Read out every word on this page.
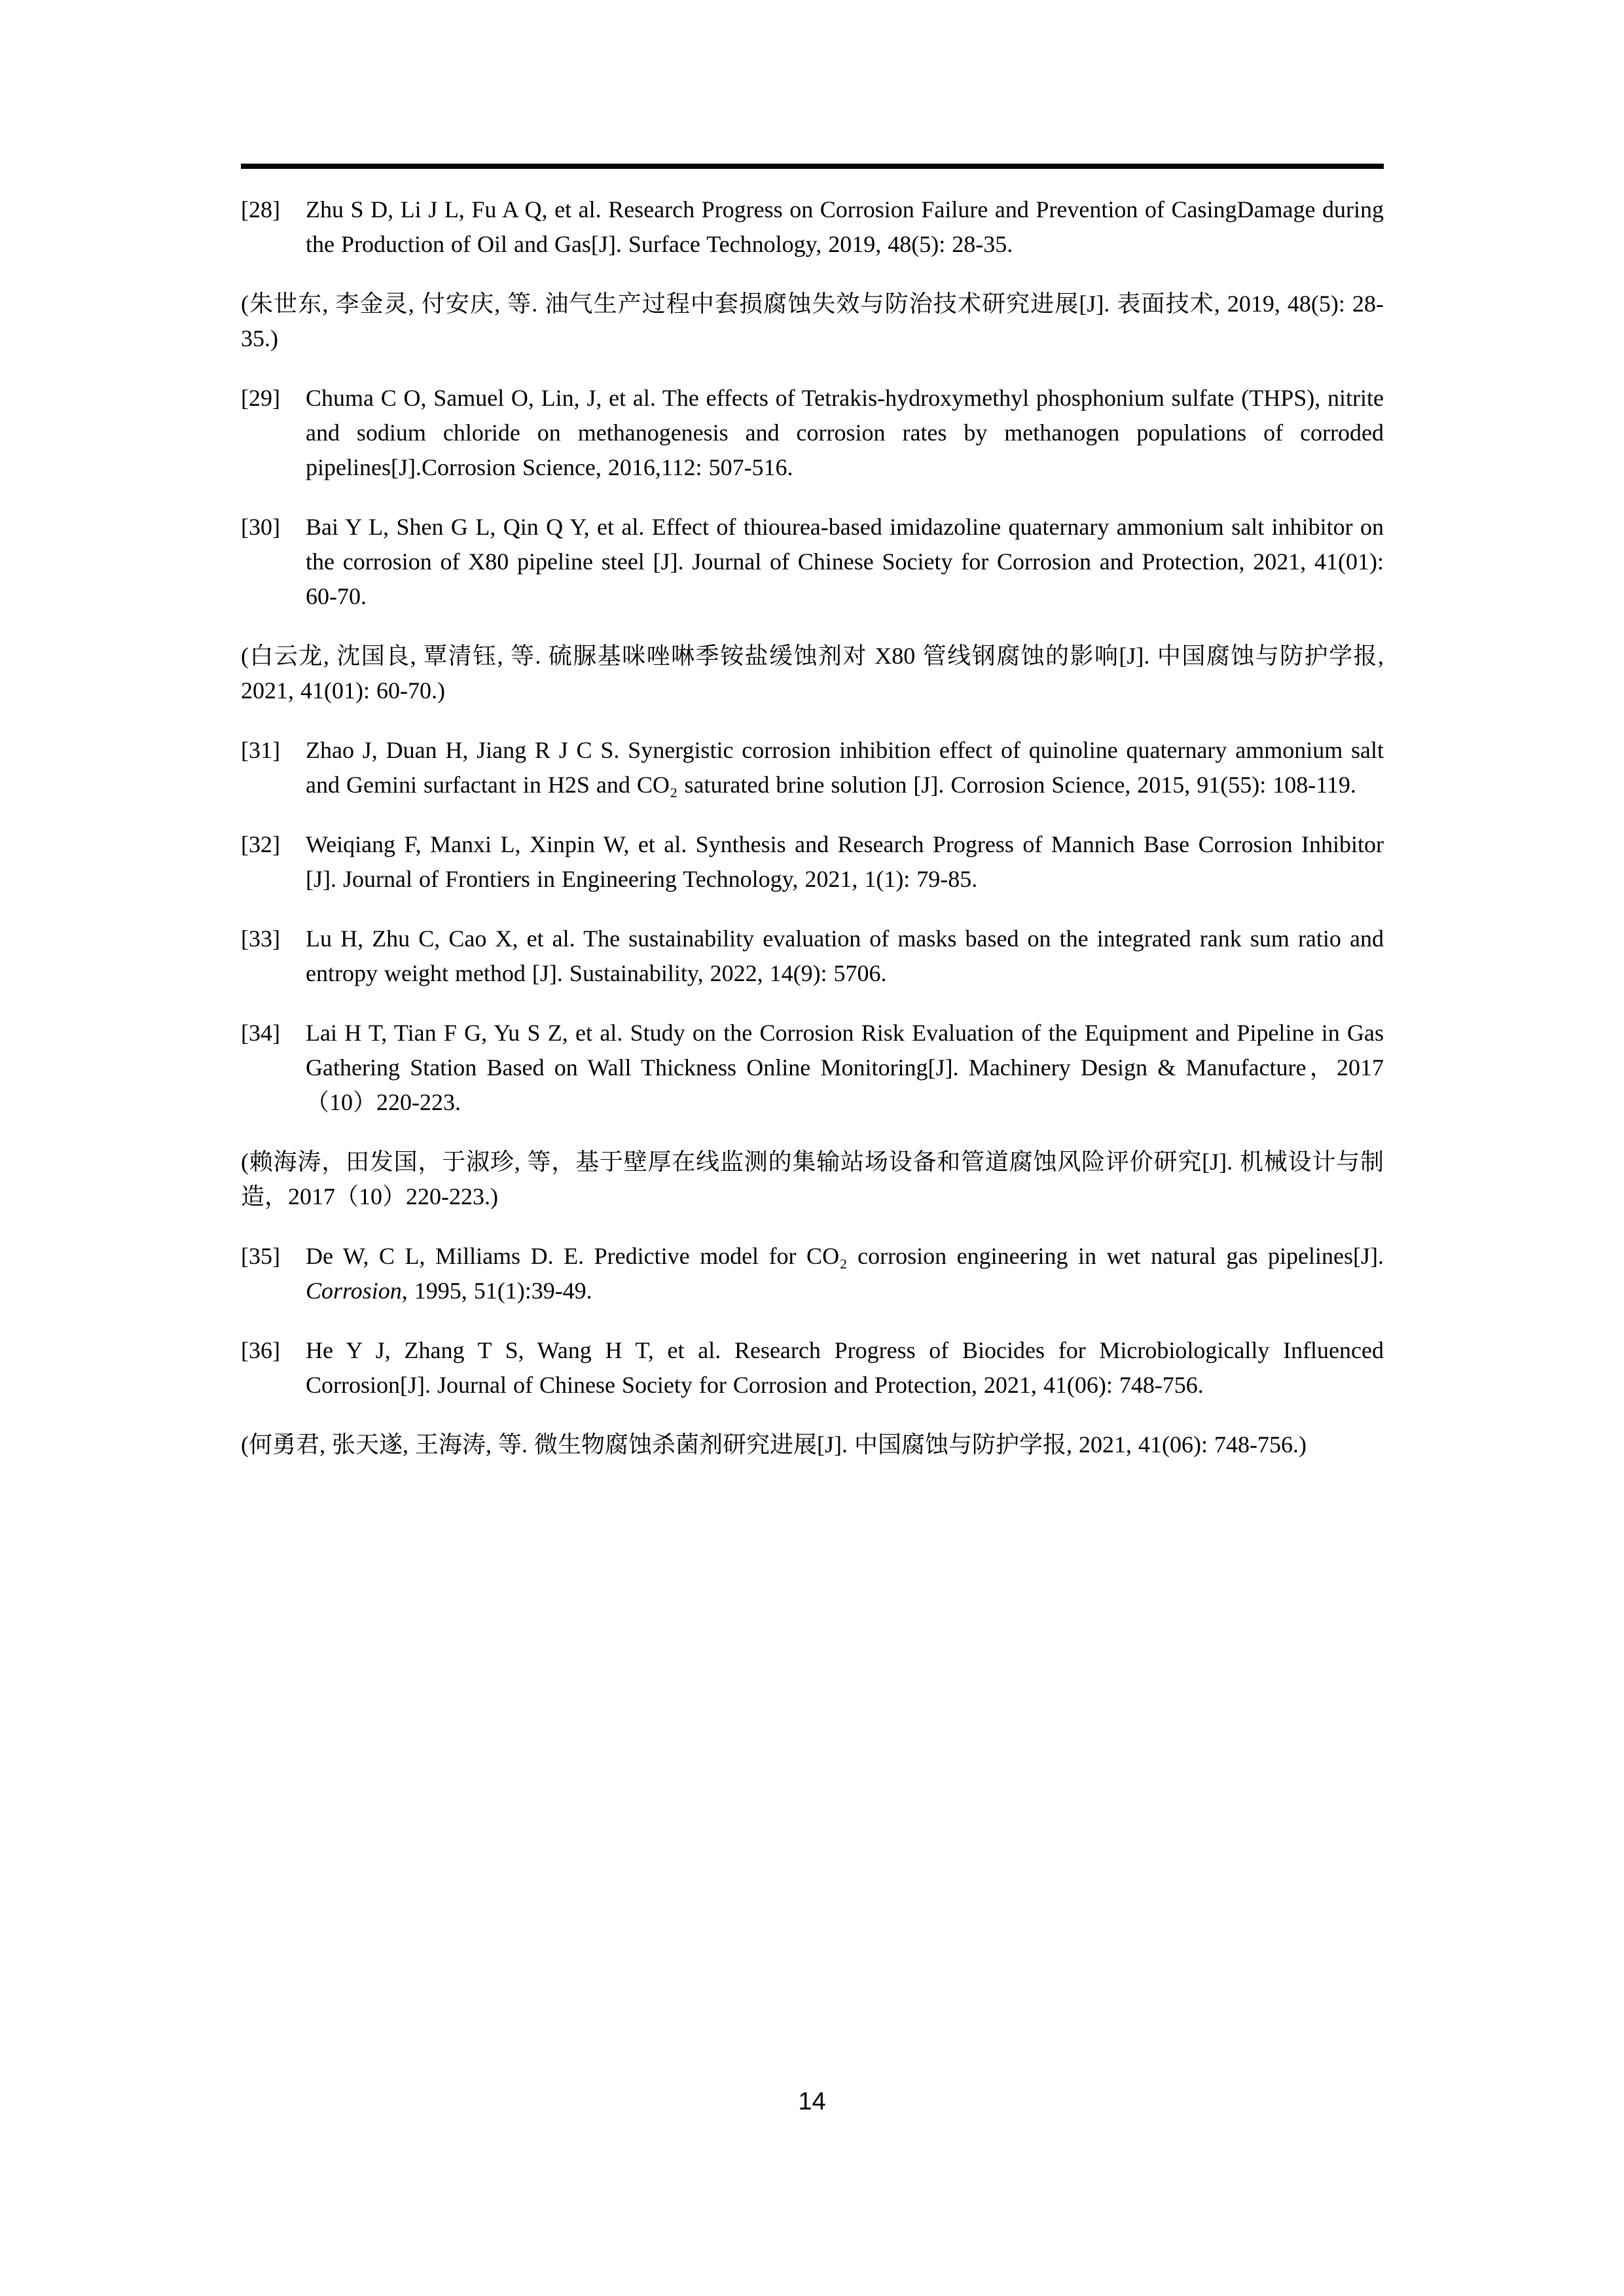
[28] Zhu S D, Li J L, Fu A Q, et al. Research Progress on Corrosion Failure and Prevention of CasingDamage during the Production of Oil and Gas[J]. Surface Technology, 2019, 48(5): 28-35.

(朱世东, 李金灵, 付安庆, 等. 油气生产过程中套损腐蚀失效与防治技术研究进展[J]. 表面技术, 2019, 48(5): 28-35.)

[29] Chuma C O, Samuel O, Lin, J, et al. The effects of Tetrakis-hydroxymethyl phosphonium sulfate (THPS), nitrite and sodium chloride on methanogenesis and corrosion rates by methanogen populations of corroded pipelines[J].Corrosion Science, 2016,112: 507-516.

[30] Bai Y L, Shen G L, Qin Q Y, et al. Effect of thiourea-based imidazoline quaternary ammonium salt inhibitor on the corrosion of X80 pipeline steel [J]. Journal of Chinese Society for Corrosion and Protection, 2021, 41(01): 60-70.

(白云龙, 沈国良, 覃清钰, 等. 硫脲基咪唑啉季铵盐缓蚀剂对 X80 管线钢腐蚀的影响[J]. 中国腐蚀与防护学报, 2021, 41(01): 60-70.)

[31] Zhao J, Duan H, Jiang R J C S. Synergistic corrosion inhibition effect of quinoline quaternary ammonium salt and Gemini surfactant in H2S and CO₂ saturated brine solution [J]. Corrosion Science, 2015, 91(55): 108-119.

[32] Weiqiang F, Manxi L, Xinpin W, et al. Synthesis and Research Progress of Mannich Base Corrosion Inhibitor [J]. Journal of Frontiers in Engineering Technology, 2021, 1(1): 79-85.

[33] Lu H, Zhu C, Cao X, et al. The sustainability evaluation of masks based on the integrated rank sum ratio and entropy weight method [J]. Sustainability, 2022, 14(9): 5706.

[34] Lai H T, Tian F G, Yu S Z, et al. Study on the Corrosion Risk Evaluation of the Equipment and Pipeline in Gas Gathering Station Based on Wall Thickness Online Monitoring[J]. Machinery Design & Manufacture，2017（10）220-223.

(赖海涛，田发国，于淑珍, 等，基于壁厚在线监测的集输站场设备和管道腐蚀风险评价研究[J]. 机械设计与制造，2017（10）220-223.)

[35] De W, C L, Milliams D. E. Predictive model for CO₂ corrosion engineering in wet natural gas pipelines[J]. Corrosion, 1995, 51(1):39-49.

[36] He Y J, Zhang T S, Wang H T, et al. Research Progress of Biocides for Microbiologically Influenced Corrosion[J]. Journal of Chinese Society for Corrosion and Protection, 2021, 41(06): 748-756.

(何勇君, 张天遂, 王海涛, 等. 微生物腐蚀杀菌剂研究进展[J]. 中国腐蚀与防护学报, 2021, 41(06): 748-756.)

14
